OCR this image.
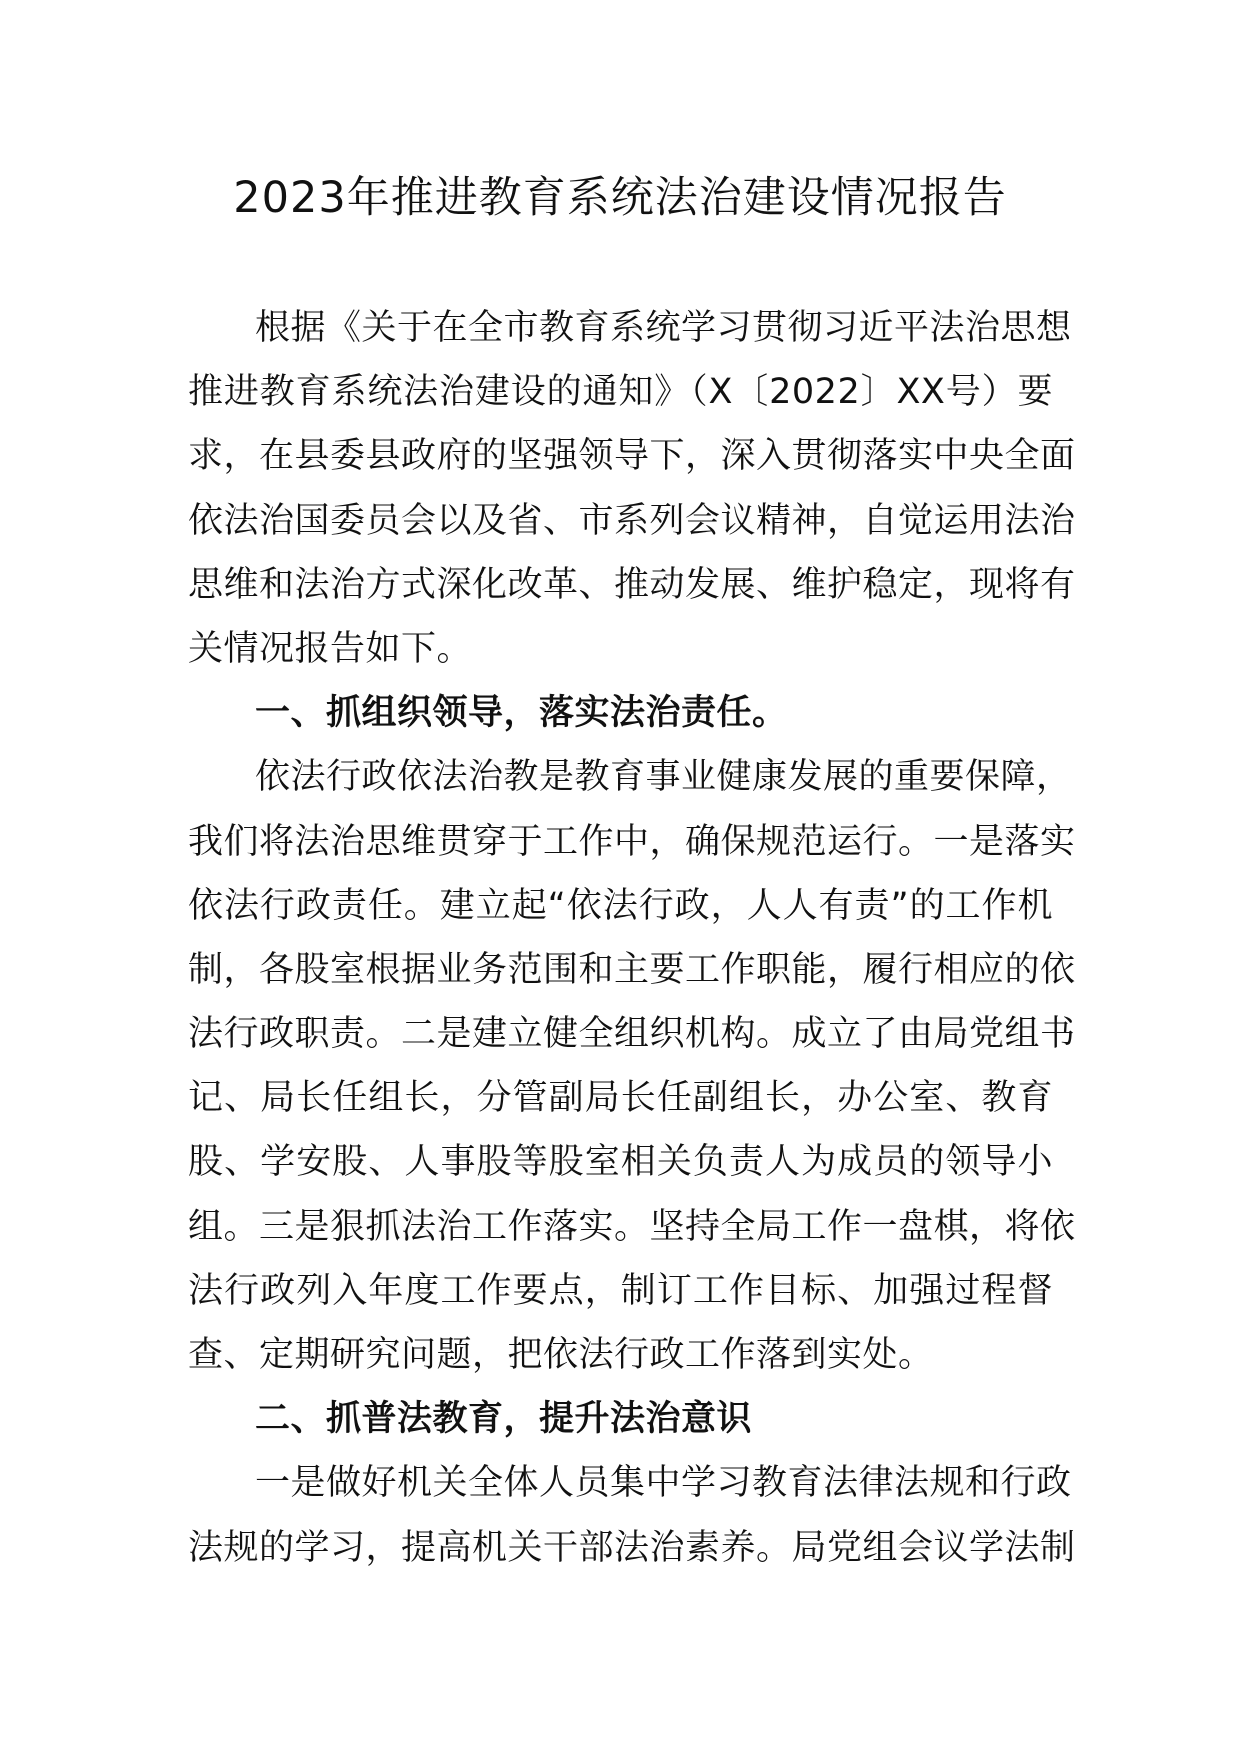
2023年推进教育系统法治建设情况报告
根据《关于在全市教育系统学习贯彻习近平法治思想
推进教育系统法治建设的通知》（X〔2022〕XX号）要
求，在县委县政府的坚强领导下，深入贯彻落实中央全面
依法治国委员会以及省、市系列会议精神，自觉运用法治
思维和法治方式深化改革、推动发展、维护稳定，现将有
关情况报告如下。
一、抓组织领导，落实法治责任。
依法行政依法治教是教育事业健康发展的重要保障，
我们将法治思维贯穿于工作中，确保规范运行。一是落实
依法行政责任。建立起“依法行政，人人有责”的工作机
制，各股室根据业务范围和主要工作职能，履行相应的依
法行政职责。二是建立健全组织机构。成立了由局党组书
记、局长任组长，分管副局长任副组长，办公室、教育
股、学安股、人事股等股室相关负责人为成员的领导小
组。三是狠抓法治工作落实。坚持全局工作一盘棋，将依
法行政列入年度工作要点，制订工作目标、加强过程督
查、定期研究问题，把依法行政工作落到实处。
二、抓普法教育，提升法治意识
一是做好机关全体人员集中学习教育法律法规和行政
法规的学习，提高机关干部法治素养。局党组会议学法制
